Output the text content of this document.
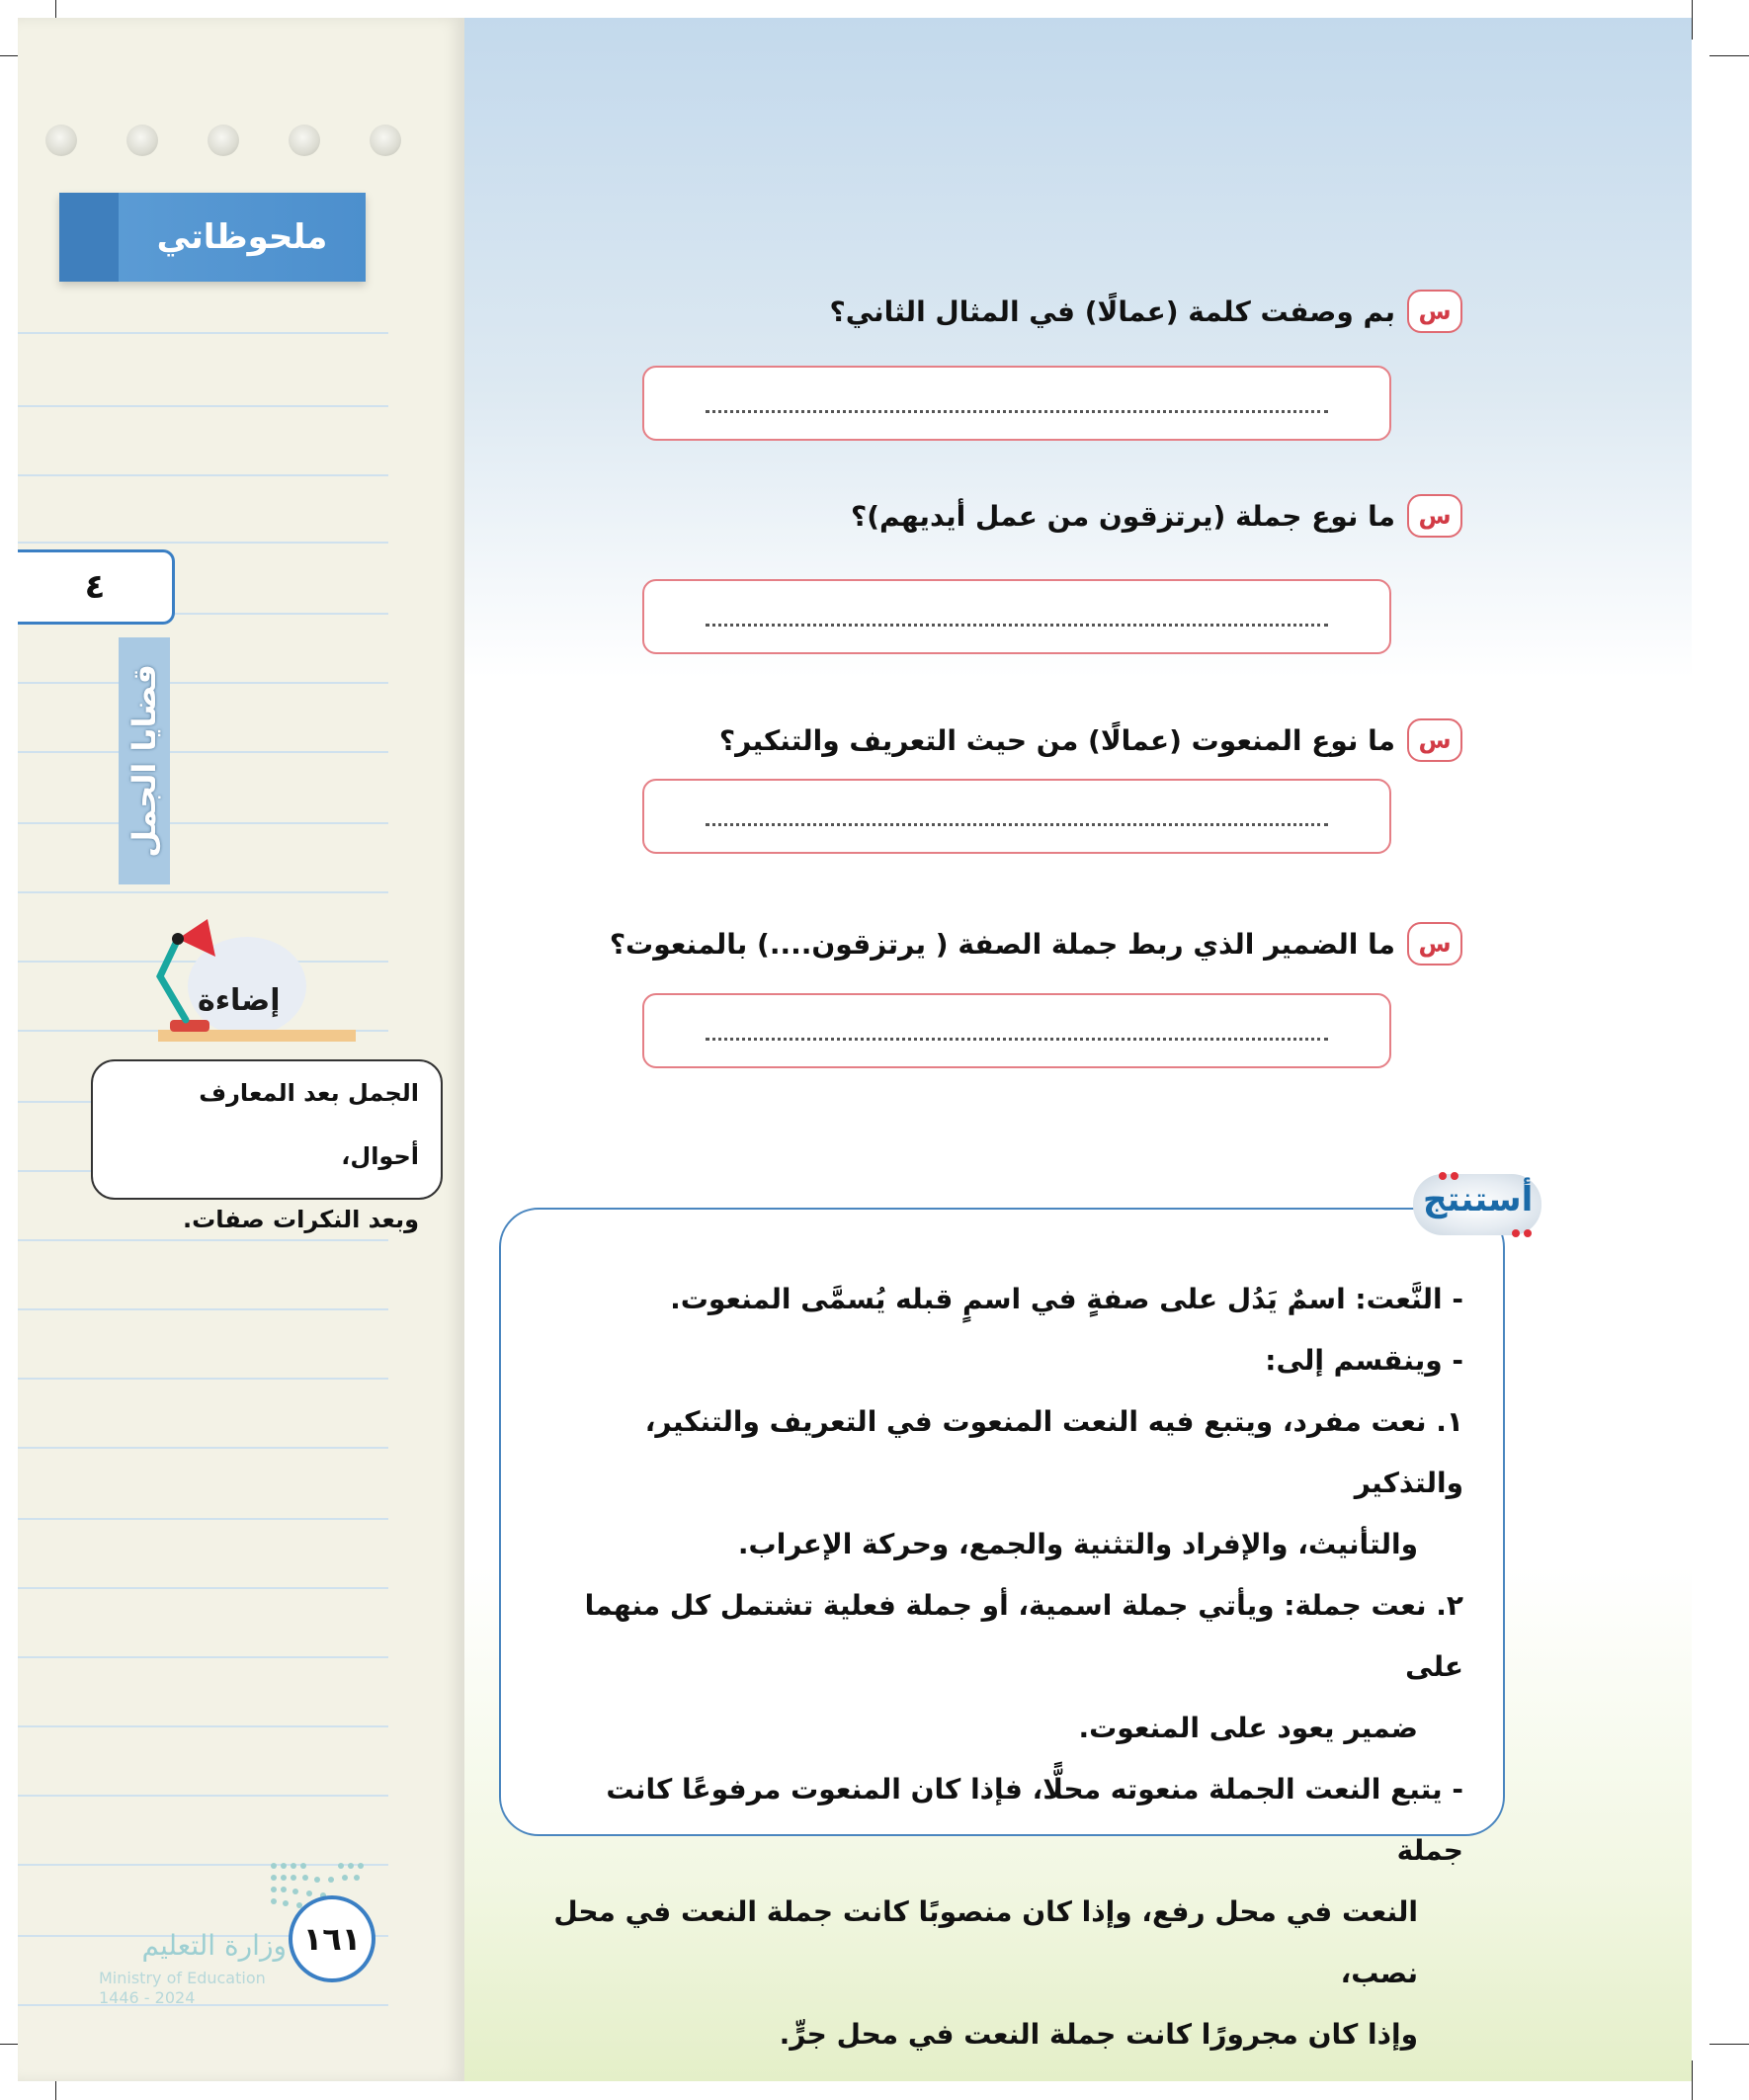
ملحوظاتي
٤
قضايا الجمل
إضاءة
الجمل بعد المعارف أحوال،
وبعد النكرات صفات.
وزارة التعليم
Ministry of Education
2024 - 1446
١٦١
س
بم وصفت كلمة (عمالًا) في المثال الثاني؟
س
ما نوع جملة (يرتزقون من عمل أيديهم)؟
س
ما نوع المنعوت (عمالًا) من حيث التعريف والتنكير؟
س
ما الضمير الذي ربط جملة الصفة ( يرتزقون....) بالمنعوت؟

- النَّعت: اسمٌ يَدُل على صفةٍ في اسمٍ قبله يُسمَّى المنعوت.

- وينقسم إلى:

١. نعت مفرد، ويتبع فيه النعت المنعوت في التعريف والتنكير، والتذكير

والتأنيث، والإفراد والتثنية والجمع، وحركة الإعراب.

٢. نعت جملة: ويأتي جملة اسمية، أو جملة فعلية تشتمل كل منهما على

ضمير يعود على المنعوت.

- يتبع النعت الجملة منعوته محلًّا، فإذا كان المنعوت مرفوعًا كانت جملة

النعت في محل رفع، وإذا كان منصوبًا كانت جملة النعت في محل نصب،

وإذا كان مجرورًا كانت جملة النعت في محل جرٍّ.

أستنتج
